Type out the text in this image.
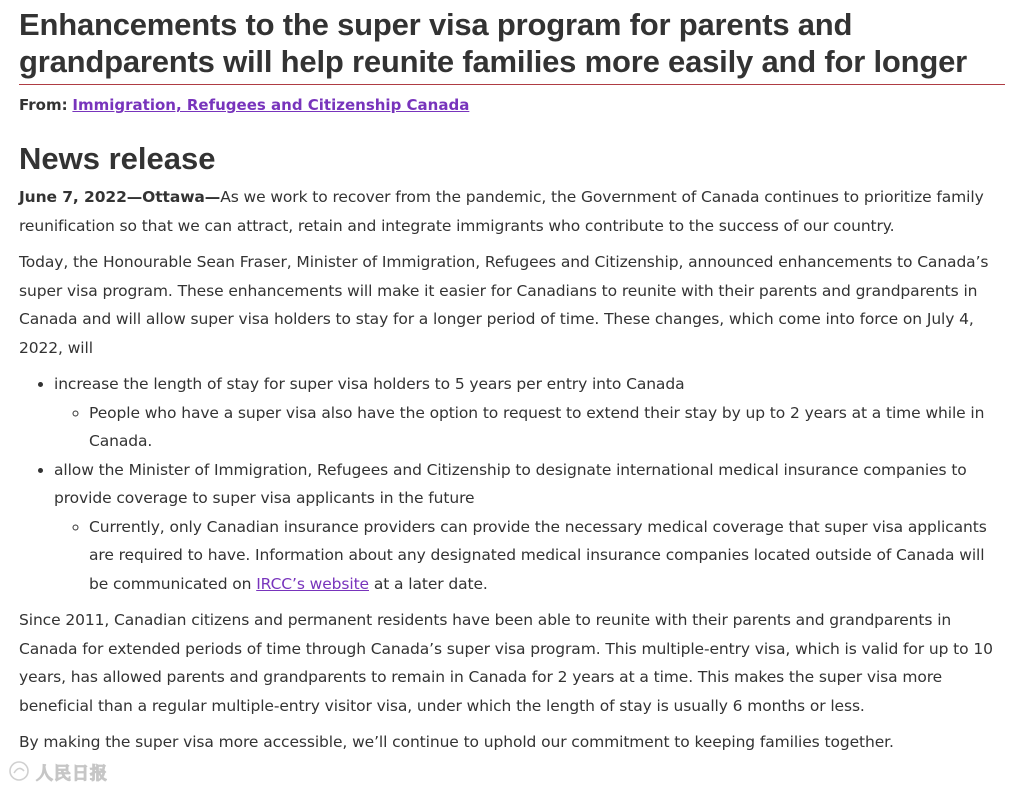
Enhancements to the super visa program for parents and grandparents will help reunite families more easily and for longer
From: Immigration, Refugees and Citizenship Canada
News release

June 7, 2022—Ottawa—As we work to recover from the pandemic, the Government of Canada continues to prioritize family reunification so that we can attract, retain and integrate immigrants who contribute to the success of our country.

Today, the Honourable Sean Fraser, Minister of Immigration, Refugees and Citizenship, announced enhancements to Canada’s super visa program. These enhancements will make it easier for Canadians to reunite with their parents and grandparents in Canada and will allow super visa holders to stay for a longer period of time. These changes, which come into force on July 4, 2022, will

• increase the length of stay for super visa holders to 5 years per entry into Canada
◦ People who have a super visa also have the option to request to extend their stay by up to 2 years at a time while in Canada.
• allow the Minister of Immigration, Refugees and Citizenship to designate international medical insurance companies to provide coverage to super visa applicants in the future
◦ Currently, only Canadian insurance providers can provide the necessary medical coverage that super visa applicants are required to have. Information about any designated medical insurance companies located outside of Canada will be communicated on IRCC’s website at a later date.

Since 2011, Canadian citizens and permanent residents have been able to reunite with their parents and grandparents in Canada for extended periods of time through Canada’s super visa program. This multiple-entry visa, which is valid for up to 10 years, has allowed parents and grandparents to remain in Canada for 2 years at a time. This makes the super visa more beneficial than a regular multiple-entry visitor visa, under which the length of stay is usually 6 months or less.

By making the super visa more accessible, we’ll continue to uphold our commitment to keeping families together.

人民日报
